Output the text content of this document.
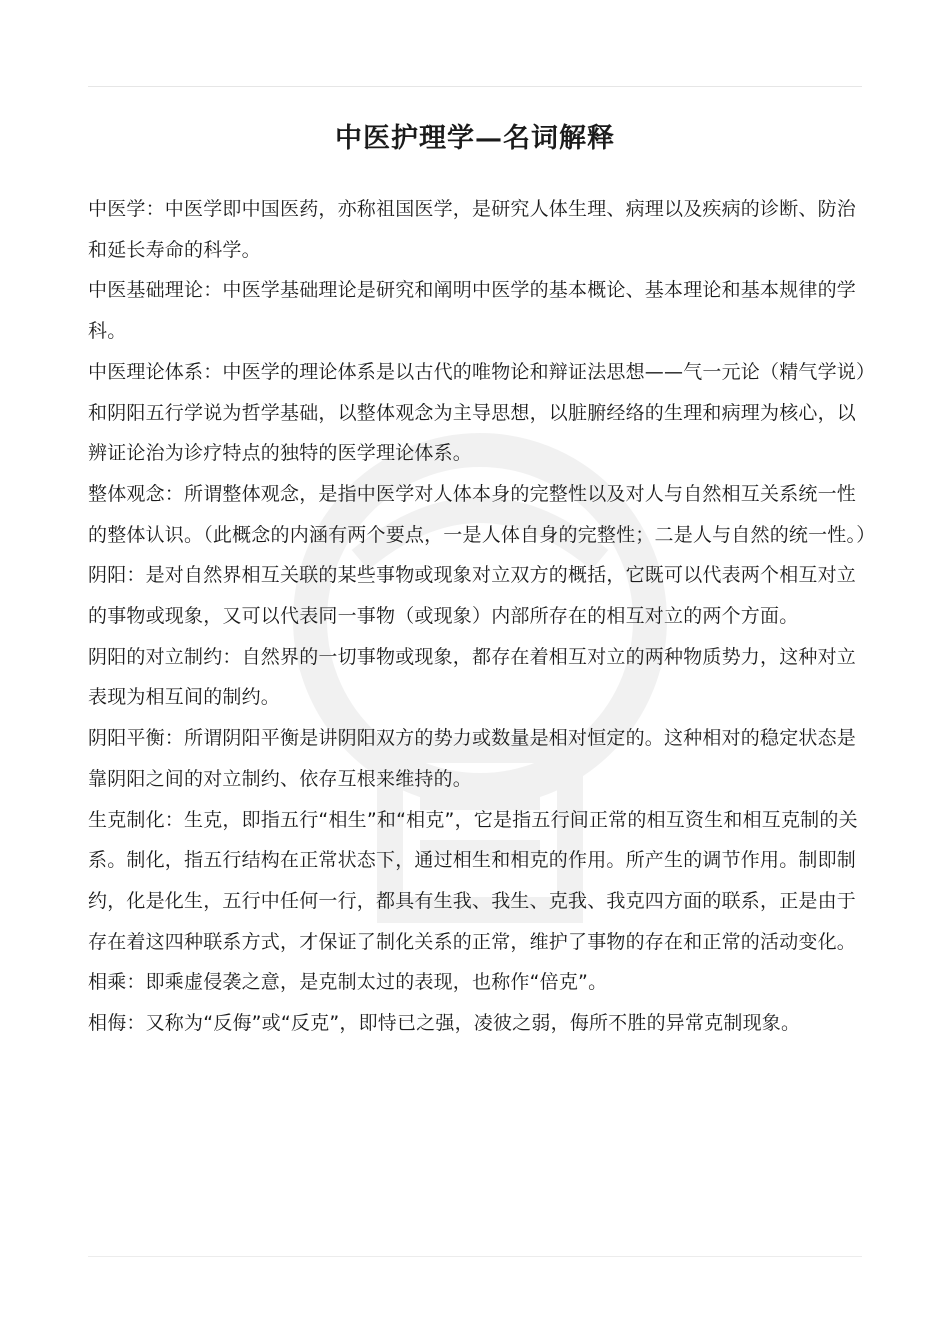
中医护理学—名词解释

中医学：中医学即中国医药，亦称祖国医学，是研究人体生理、病理以及疾病的诊断、防治和延长寿命的科学。

中医基础理论：中医学基础理论是研究和阐明中医学的基本概论、基本理论和基本规律的学科。

中医理论体系：中医学的理论体系是以古代的唯物论和辩证法思想——气一元论（精气学说）和阴阳五行学说为哲学基础，以整体观念为主导思想，以脏腑经络的生理和病理为核心，以辨证论治为诊疗特点的独特的医学理论体系。

整体观念：所谓整体观念，是指中医学对人体本身的完整性以及对人与自然相互关系统一性的整体认识。（此概念的内涵有两个要点，一是人体自身的完整性；二是人与自然的统一性。）

阴阳：是对自然界相互关联的某些事物或现象对立双方的概括，它既可以代表两个相互对立的事物或现象，又可以代表同一事物（或现象）内部所存在的相互对立的两个方面。

阴阳的对立制约：自然界的一切事物或现象，都存在着相互对立的两种物质势力，这种对立表现为相互间的制约。

阴阳平衡：所谓阴阳平衡是讲阴阳双方的势力或数量是相对恒定的。这种相对的稳定状态是靠阴阳之间的对立制约、依存互根来维持的。

生克制化：生克，即指五行“相生”和“相克”，它是指五行间正常的相互资生和相互克制的关系。制化，指五行结构在正常状态下，通过相生和相克的作用。所产生的调节作用。制即制约，化是化生，五行中任何一行，都具有生我、我生、克我、我克四方面的联系，正是由于存在着这四种联系方式，才保证了制化关系的正常，维护了事物的存在和正常的活动变化。

相乘：即乘虚侵袭之意，是克制太过的表现，也称作“倍克”。

相侮：又称为“反侮”或“反克”，即恃已之强，凌彼之弱，侮所不胜的异常克制现象。
